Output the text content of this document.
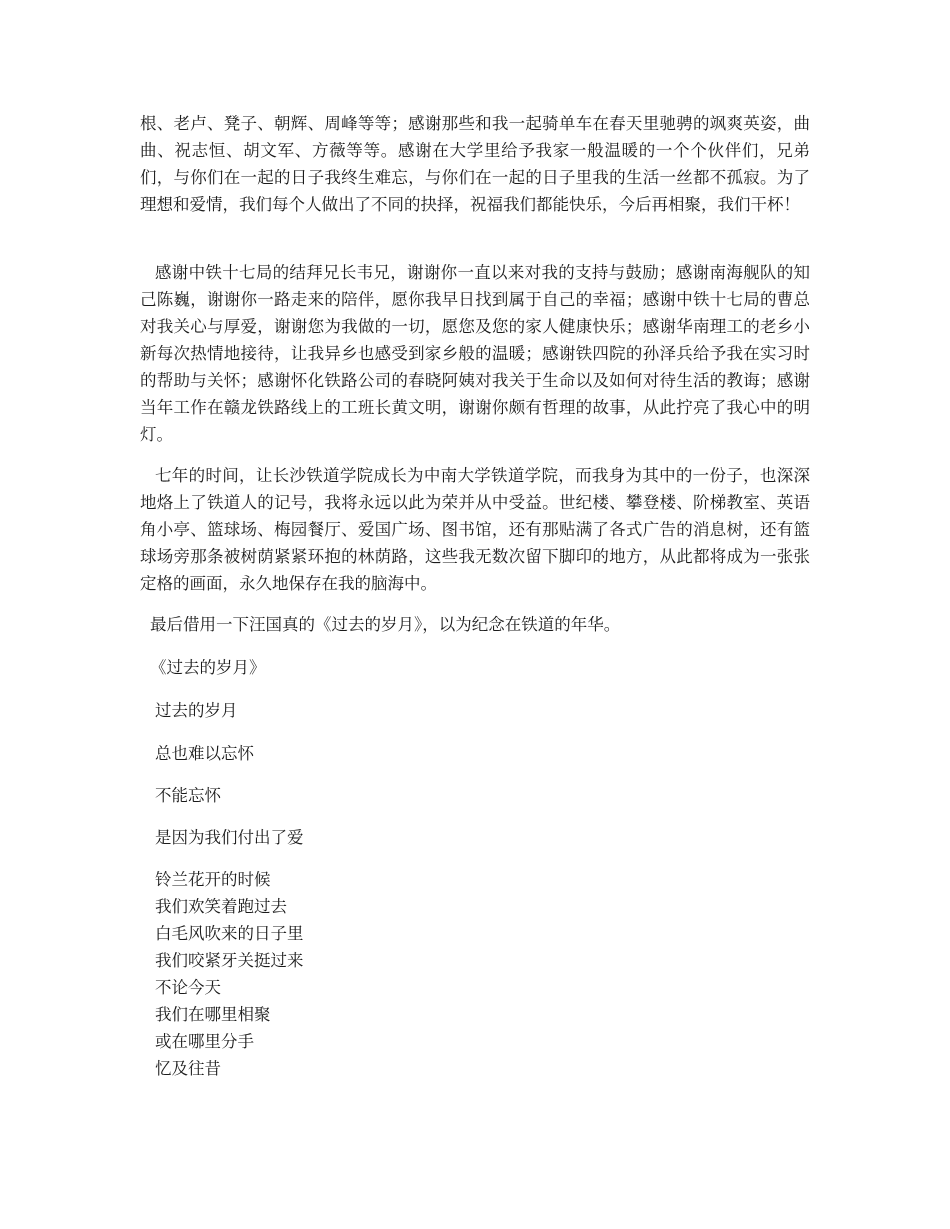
根、老卢、凳子、朝辉、周峰等等；感谢那些和我一起骑单车在春天里驰骋的飒爽英姿，曲曲、祝志恒、胡文军、方薇等等。感谢在大学里给予我家一般温暖的一个个伙伴们，兄弟们，与你们在一起的日子我终生难忘，与你们在一起的日子里我的生活一丝都不孤寂。为了理想和爱情，我们每个人做出了不同的抉择，祝福我们都能快乐，今后再相聚，我们干杯！

感谢中铁十七局的结拜兄长韦兄，谢谢你一直以来对我的支持与鼓励；感谢南海舰队的知己陈巍，谢谢你一路走来的陪伴，愿你我早日找到属于自己的幸福；感谢中铁十七局的曹总对我关心与厚爱，谢谢您为我做的一切，愿您及您的家人健康快乐；感谢华南理工的老乡小新每次热情地接待，让我异乡也感受到家乡般的温暖；感谢铁四院的孙泽兵给予我在实习时的帮助与关怀；感谢怀化铁路公司的春晓阿姨对我关于生命以及如何对待生活的教诲；感谢当年工作在赣龙铁路线上的工班长黄文明，谢谢你颇有哲理的故事，从此拧亮了我心中的明灯。

七年的时间，让长沙铁道学院成长为中南大学铁道学院，而我身为其中的一份子，也深深地烙上了铁道人的记号，我将永远以此为荣并从中受益。世纪楼、攀登楼、阶梯教室、英语角小亭、篮球场、梅园餐厅、爱国广场、图书馆，还有那贴满了各式广告的消息树，还有篮球场旁那条被树荫紧紧环抱的林荫路，这些我无数次留下脚印的地方，从此都将成为一张张定格的画面，永久地保存在我的脑海中。

最后借用一下汪国真的《过去的岁月》，以为纪念在铁道的年华。

《过去的岁月》

过去的岁月

总也难以忘怀

不能忘怀

是因为我们付出了爱

铃兰花开的时候
我们欢笑着跑过去
白毛风吹来的日子里
我们咬紧牙关挺过来
不论今天
我们在哪里相聚
或在哪里分手
忆及往昔
